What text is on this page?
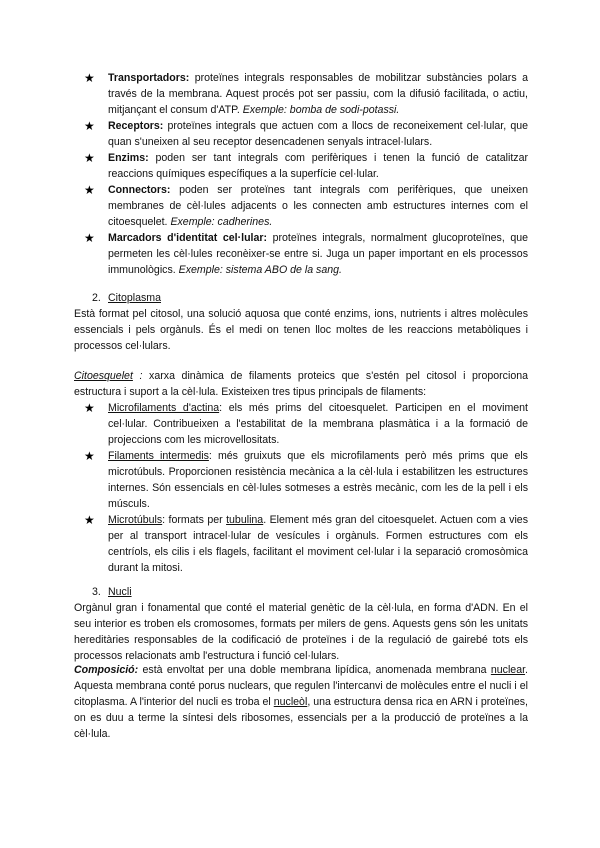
★ Transportadors: proteïnes integrals responsables de mobilitzar substàncies polars a través de la membrana. Aquest procés pot ser passiu, com la difusió facilitada, o actiu, mitjançant el consum d'ATP. Exemple: bomba de sodi-potassi.
★ Receptors: proteïnes integrals que actuen com a llocs de reconeixement cel·lular, que quan s'uneixen al seu receptor desencadenen senyals intracel·lulars.
★ Enzims: poden ser tant integrals com perifèriques i tenen la funció de catalitzar reaccions químiques específiques a la superfície cel·lular.
★ Connectors: poden ser proteïnes tant integrals com perifèriques, que uneixen membranes de cèl·lules adjacents o les connecten amb estructures internes com el citoesquelet. Exemple: cadherines.
★ Marcadors d'identitat cel·lular: proteïnes integrals, normalment glucoproteïnes, que permeten les cèl·lules reconèixer-se entre si. Juga un paper important en els processos immunològics. Exemple: sistema ABO de la sang.

2. Citoplasma

Està format pel citosol, una solució aquosa que conté enzims, ions, nutrients i altres molècules essencials i pels orgànuls. És el medi on tenen lloc moltes de les reaccions metabòliques i processos cel·lulars.

Citoesquelet : xarxa dinàmica de filaments proteics que s'estén pel citosol i proporciona estructura i suport a la cèl·lula. Existeixen tres tipus principals de filaments:

★ Microfilaments d'actina: els més prims del citoesquelet. Participen en el moviment cel·lular. Contribueixen a l'estabilitat de la membrana plasmàtica i a la formació de projeccions com les microvellositats.
★ Filaments intermedis: més gruixuts que els microfilaments però més prims que els microtúbuls. Proporcionen resistència mecànica a la cèl·lula i estabilitzen les estructures internes. Són essencials en cèl·lules sotmeses a estrès mecànic, com les de la pell i els músculs.
★ Microtúbuls: formats per tubulina. Element més gran del citoesquelet. Actuen com a vies per al transport intracel·lular de vesícules i orgànuls. Formen estructures com els centríols, els cilis i els flagels, facilitant el moviment cel·lular i la separació cromosòmica durant la mitosi.

3. Nucli

Orgànul gran i fonamental que conté el material genètic de la cèl·lula, en forma d'ADN. En el seu interior es troben els cromosomes, formats per milers de gens. Aquests gens són les unitats hereditàries responsables de la codificació de proteïnes i de la regulació de gairebé tots els processos relacionats amb l'estructura i funció cel·lulars.

Composició: està envoltat per una doble membrana lipídica, anomenada membrana nuclear. Aquesta membrana conté porus nuclears, que regulen l'intercanvi de molècules entre el nucli i el citoplasma. A l'interior del nucli es troba el nucleòl, una estructura densa rica en ARN i proteïnes, on es duu a terme la síntesi dels ribosomes, essencials per a la producció de proteïnes a la cèl·lula.
